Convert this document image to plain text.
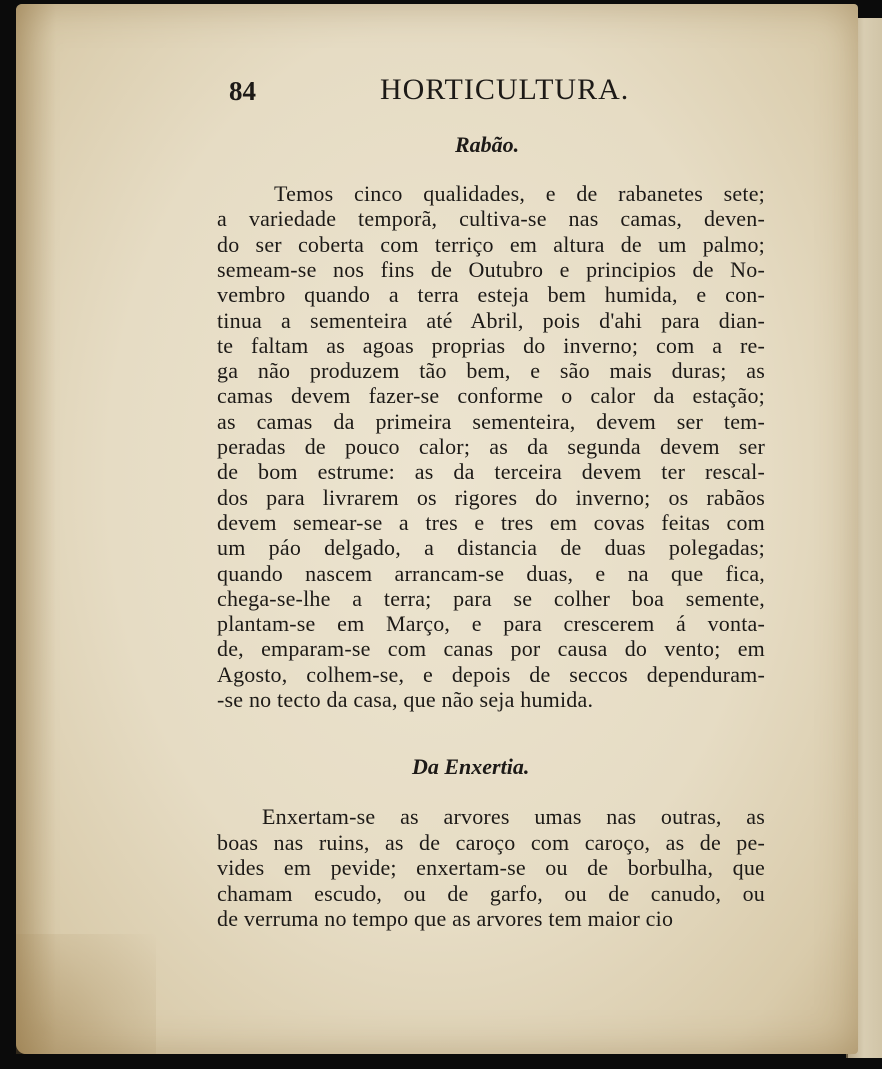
84	HORTICULTURA.
Rabão.
Temos cinco qualidades, e de rabanetes sete;
a variedade temporã, cultiva-se nas camas, deven-
do ser coberta com terriço em altura de um palmo;
semeam-se nos fins de Outubro e principios de No-
vembro quando a terra esteja bem humida, e con-
tinua a sementeira até Abril, pois d'ahi para dian-
te faltam as agoas proprias do inverno; com a re-
ga não produzem tão bem, e são mais duras; as
camas devem fazer-se conforme o calor da estação;
as camas da primeira sementeira, devem ser tem-
peradas de pouco calor; as da segunda devem ser
de bom estrume: as da terceira devem ter rescal-
dos para livrarem os rigores do inverno; os rabãos
devem semear-se a tres e tres em covas feitas com
um páo delgado, a distancia de duas polegadas;
quando nascem arrancam-se duas, e na que fica,
chega-se-lhe a terra; para se colher boa semente,
plantam-se em Março, e para crescerem á vonta-
de, emparam-se com canas por causa do vento; em
Agosto, colhem-se, e depois de seccos dependuram-
-se no tecto da casa, que não seja humida.
Da Enxertia.
Enxertam-se as arvores umas nas outras, as
boas nas ruins, as de caroço com caroço, as de pe-
vides em pevide; enxertam-se ou de borbulha, que
chamam escudo, ou de garfo, ou de canudo, ou
de verruma no tempo que as arvores tem maior cio
